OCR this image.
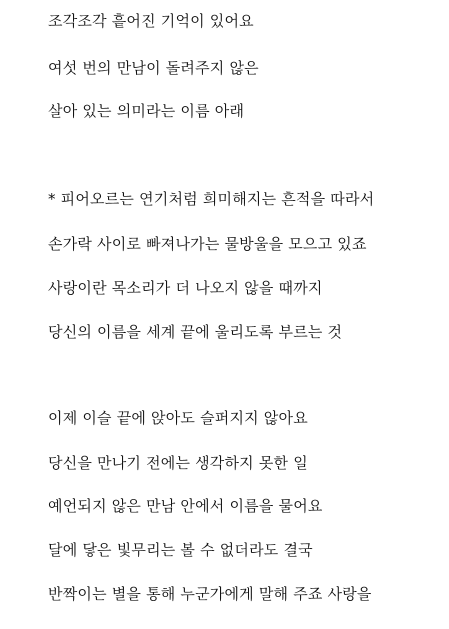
조각조각 흩어진 기억이 있어요
여섯 번의 만남이 돌려주지 않은
살아 있는 의미라는 이름 아래
* 피어오르는 연기처럼 희미해지는 흔적을 따라서
손가락 사이로 빠져나가는 물방울을 모으고 있죠
사랑이란 목소리가 더 나오지 않을 때까지
당신의 이름을 세계 끝에 울리도록 부르는 것
이제 이슬 끝에 앉아도 슬퍼지지 않아요
당신을 만나기 전에는 생각하지 못한 일
예언되지 않은 만남 안에서 이름을 물어요
달에 닿은 빛무리는 볼 수 없더라도 결국
반짝이는 별을 통해 누군가에게 말해 주죠 사랑을
